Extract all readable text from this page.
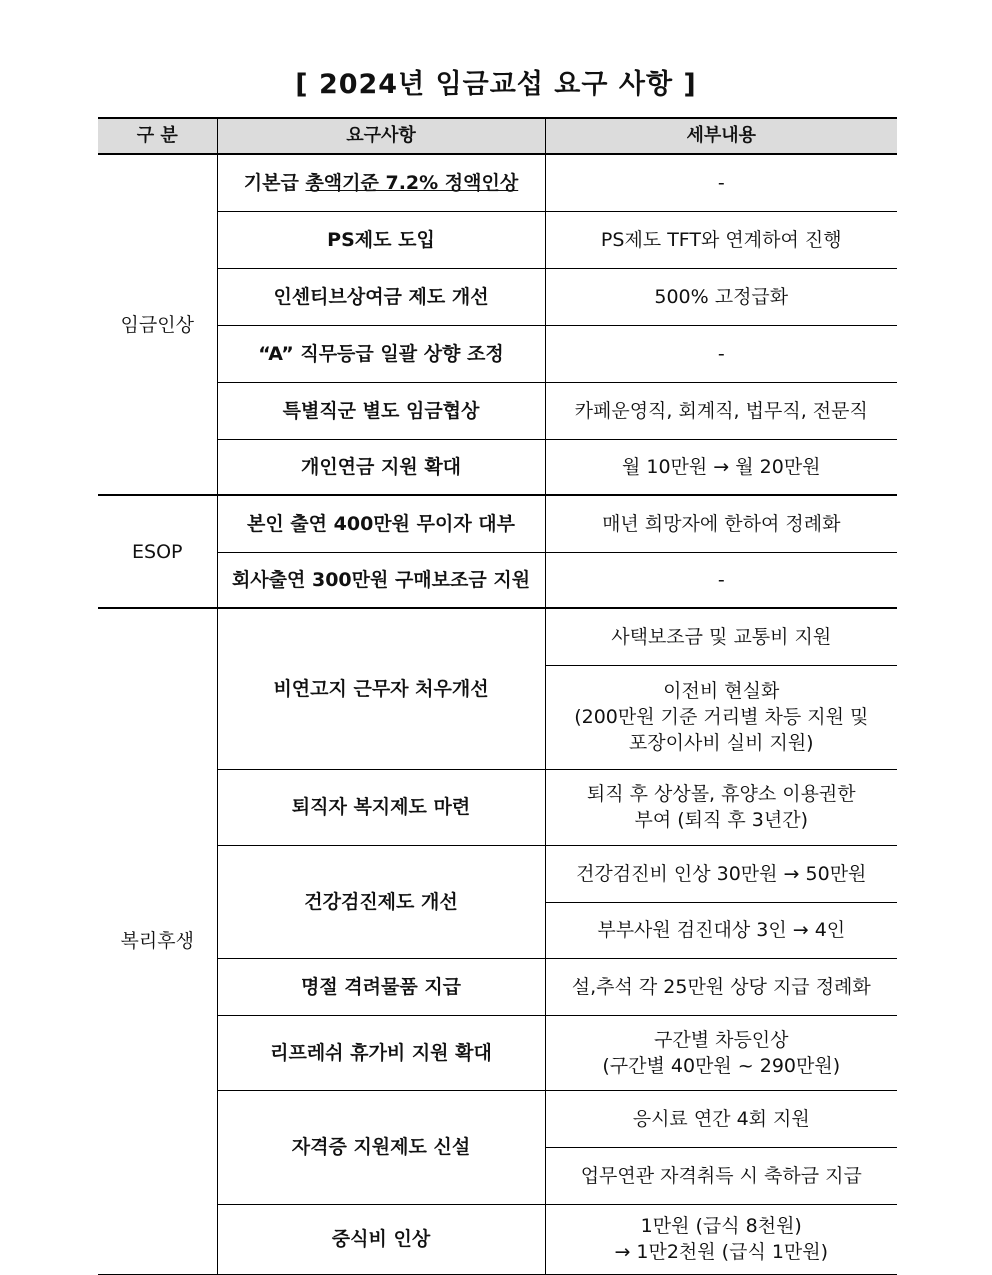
[ 2024년 임금교섭 요구 사항 ]
구 분	요구사항	세부내용
임금인상	기본급 총액기준 7.2% 정액인상	-
	PS제도 도입	PS제도 TFT와 연계하여 진행
	인센티브상여금 제도 개선	500% 고정급화
	“A” 직무등급 일괄 상향 조정	-
	특별직군 별도 임금협상	카페운영직, 회계직, 법무직, 전문직
	개인연금 지원 확대	월 10만원 → 월 20만원
ESOP	본인 출연 400만원 무이자 대부	매년 희망자에 한하여 정례화
	회사출연 300만원 구매보조금 지원	-
복리후생	비연고지 근무자 처우개선	사택보조금 및 교통비 지원
		이전비 현실화
(200만원 기준 거리별 차등 지원 및
포장이사비 실비 지원)
	퇴직자 복지제도 마련	퇴직 후 상상몰, 휴양소 이용권한
부여 (퇴직 후 3년간)
	건강검진제도 개선	건강검진비 인상 30만원 → 50만원
		부부사원 검진대상 3인 → 4인
	명절 격려물품 지급	설,추석 각 25만원 상당 지급 정례화
	리프레쉬 휴가비 지원 확대	구간별 차등인상
(구간별 40만원 ~ 290만원)
	자격증 지원제도 신설	응시료 연간 4회 지원
		업무연관 자격취득 시 축하금 지급
	중식비 인상	1만원 (급식 8천원)
→ 1만2천원 (급식 1만원)
